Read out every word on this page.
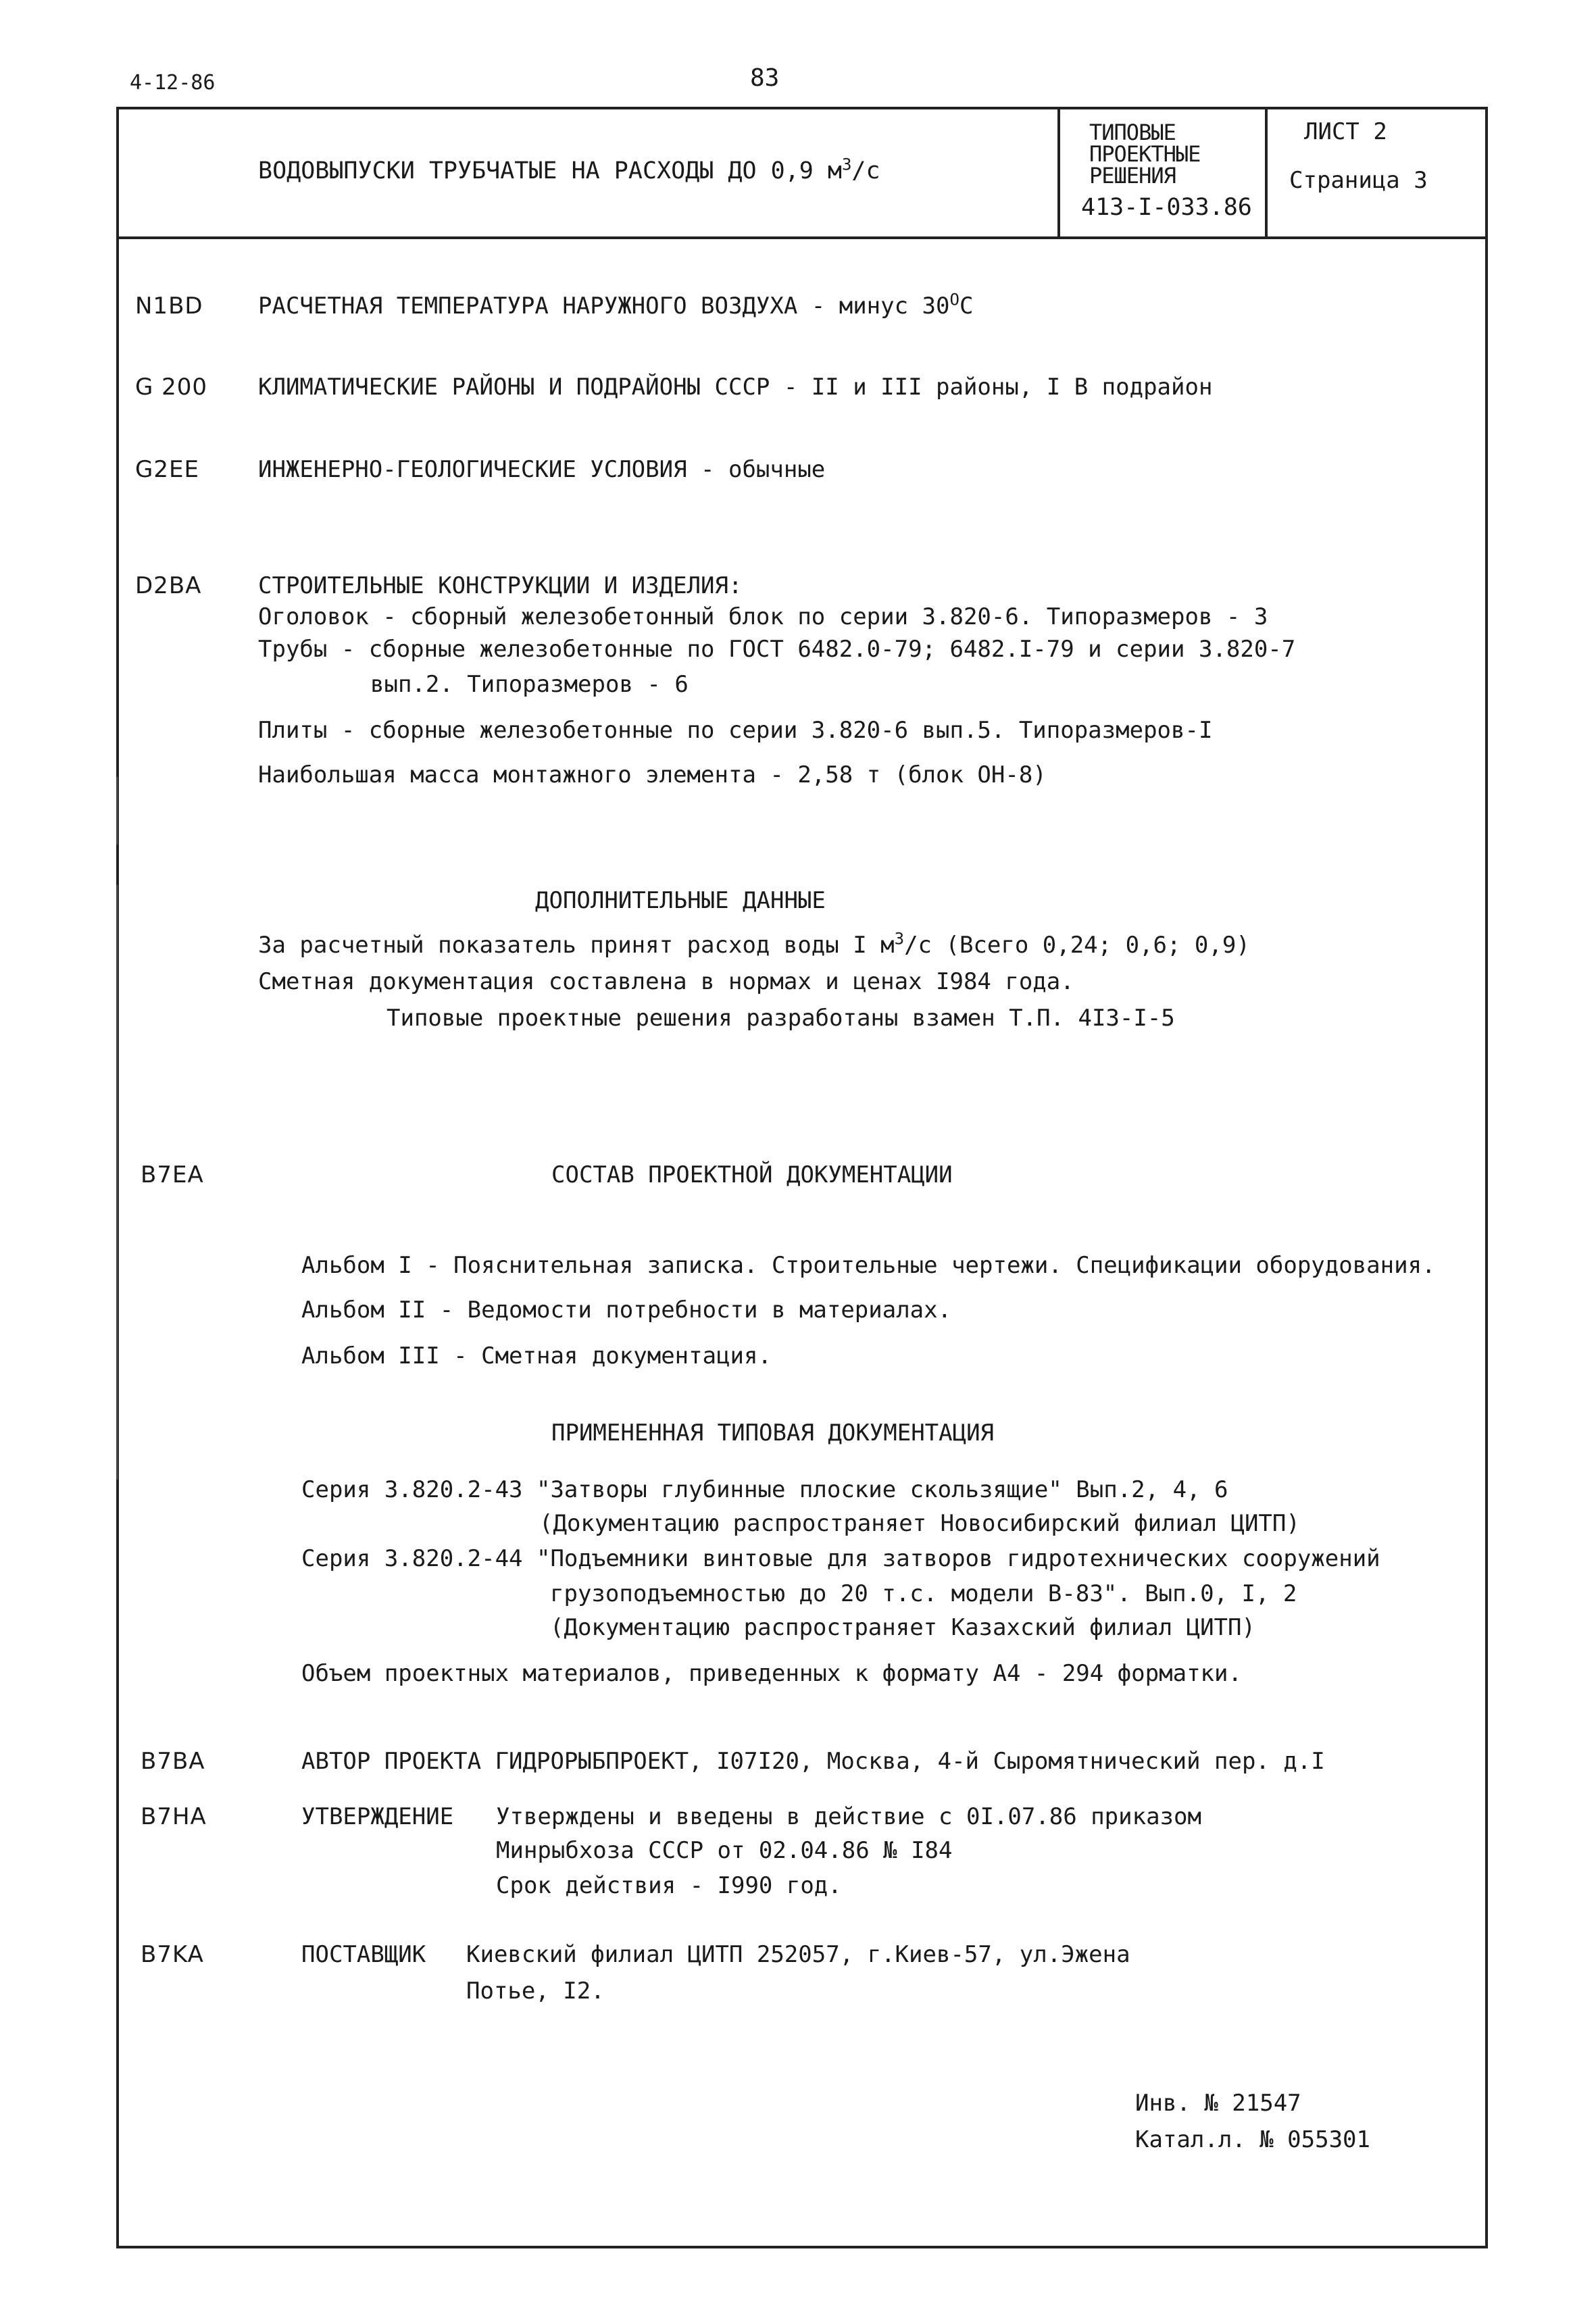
4-12-86	83
ВОДОВЫПУСКИ ТРУБЧАТЫЕ НА РАСХОДЫ ДО 0,9 $м^3/с$
ТИПОВЫЕ
ПРОЕКТНЫЕ
РЕШЕНИЯ
413-I-033.86
ЛИСТ 2
Страница 3
N1BD РАСЧЕТНАЯ ТЕМПЕРАТУРА НАРУЖНОГО ВОЗДУХА - минус $30^ОС$
G 200 КЛИМАТИЧЕСКИЕ РАЙОНЫ И ПОДРАЙОНЫ СССР - II и III районы, I В подрайон
G2EE	ИНЖЕНЕРНО-ГЕОЛОГИЧЕСКИЕ УСЛОВИЯ - обычные
D2BA СТРОИТЕЛЬНЫЕ КОНСТРУКЦИИ И ИЗДЕЛИЯ:
Оголовок - сборный железобетонный блок по серии 3.820-6. Типоразмеров - 3
Трубы - сборные железобетонные по ГОСТ 6482.0-79; 6482.I-79 и серии 3.820-7
вып.2. Типоразмеров - 6
Плиты - сборные железобетонные по серии 3.820-6 вып.5. Типоразмеров-I
Наибольшая масса монтажного элемента - 2,58 т (блок ОН-8)
ДОПОЛНИТЕЛЬНЫЕ ДАННЫЕ
За расчетный показатель принят расход воды I $м^3/с$ (Всего 0,24; 0,6; 0,9)
Сметная документация составлена в нормах и ценах I984 года.
Типовые проектные решения разработаны взамен Т.П. 4I3-I-5
B7EA	СОСТАВ ПРОЕКТНОЙ ДОКУМЕНТАЦИИ
Альбом I - Пояснительная записка. Строительные чертежи. Спецификации оборудования.
Альбом II - Ведомости потребности в материалах.
Альбом III - Сметная документация.
ПРИМЕНЕННАЯ ТИПОВАЯ ДОКУМЕНТАЦИЯ
Серия 3.820.2-43 "Затворы глубинные плоские скользящие" Вып.2, 4, 6
(Документацию распространяет Новосибирский филиал ЦИТП)
Серия 3.820.2-44 "Подъемники винтовые для затворов гидротехнических сооружений
грузоподъемностью до 20 т.с. модели В-83". Вып.0, I, 2
(Документацию распространяет Казахский филиал ЦИТП)
Объем проектных материалов, приведенных к формату А4 - 294 форматки.
B7BA	АВТОР ПРОЕКТА ГИДРОРЫБПРОЕКТ, I07I20, Москва, 4-й Сыромятнический пер. д.I
B7HA	УТВЕРЖДЕНИЕ Утверждены и введены в действие с 0I.07.86 приказом
Минрыбхоза СССР от 02.04.86 № I84
Срок действия - I990 год.
B7KA	ПОСТАВЩИК Киевский филиал ЦИТП 252057, г.Киев-57, ул.Эжена
Потье, I2.
Инв. № 21547
Катал.л. № 055301
